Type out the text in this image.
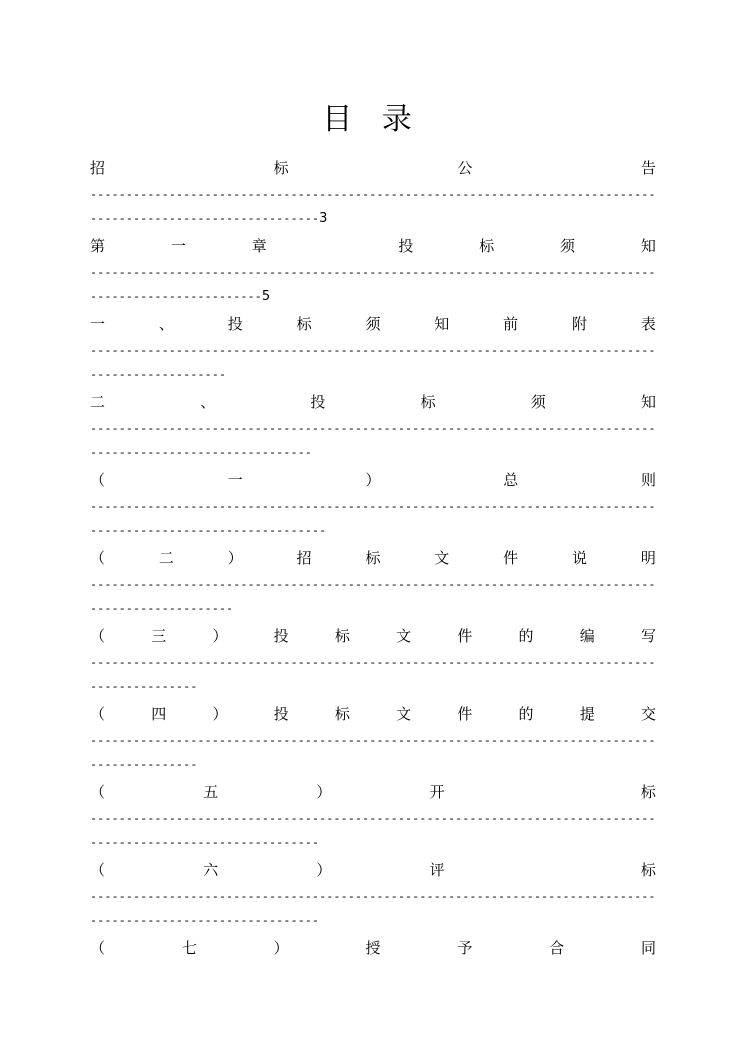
目 录
招	标	公	告
-------------------------------------------------------------------------------
--------------------------------3
第	一	章	投	标	须	知
-------------------------------------------------------------------------------
------------------------5
一	、	投	标	须	知	前	附	表
-------------------------------------------------------------------------------
-------------------
二	、	投	标	须	知
-------------------------------------------------------------------------------
-------------------------------
（	一	）	总	则
-------------------------------------------------------------------------------
---------------------------------
（	二	）	招	标	文	件	说	明
-------------------------------------------------------------------------------
--------------------
（	三	）	投	标	文	件	的	编	写
-------------------------------------------------------------------------------
---------------
（	四	）	投	标	文	件	的	提	交
-------------------------------------------------------------------------------
---------------
（	五	）	开	标
-------------------------------------------------------------------------------
--------------------------------
（	六	）	评	标
-------------------------------------------------------------------------------
--------------------------------
（	七	）	授	予	合	同
